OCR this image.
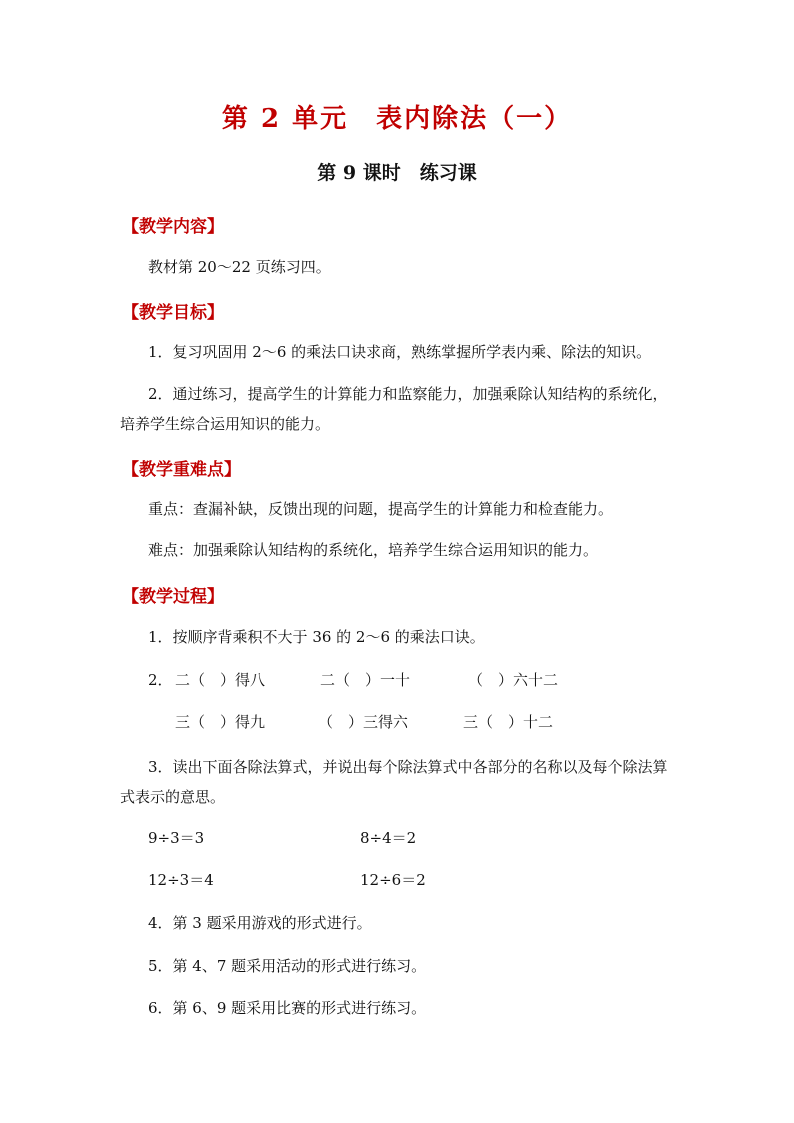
第 2 单元　表内除法（一）
第 9 课时　练习课
【教学内容】
教材第 20～22 页练习四。
【教学目标】
1．复习巩固用 2～6 的乘法口诀求商，熟练掌握所学表内乘、除法的知识。
2．通过练习，提高学生的计算能力和监察能力，加强乘除认知结构的系统化，培养学生综合运用知识的能力。
【教学重难点】
重点：查漏补缺，反馈出现的问题，提高学生的计算能力和检查能力。
难点：加强乘除认知结构的系统化，培养学生综合运用知识的能力。
【教学过程】
1．按顺序背乘积不大于 36 的 2～6 的乘法口诀。
2． 二（　）得八	二（　）一十	（　）六十二
三（　）得九	（　）三得六	三（　）十二
3．读出下面各除法算式，并说出每个除法算式中各部分的名称以及每个除法算式表示的意思。
9÷3＝3	8÷4＝2
12÷3＝4	12÷6＝2
4．第 3 题采用游戏的形式进行。
5．第 4、7 题采用活动的形式进行练习。
6．第 6、9 题采用比赛的形式进行练习。
